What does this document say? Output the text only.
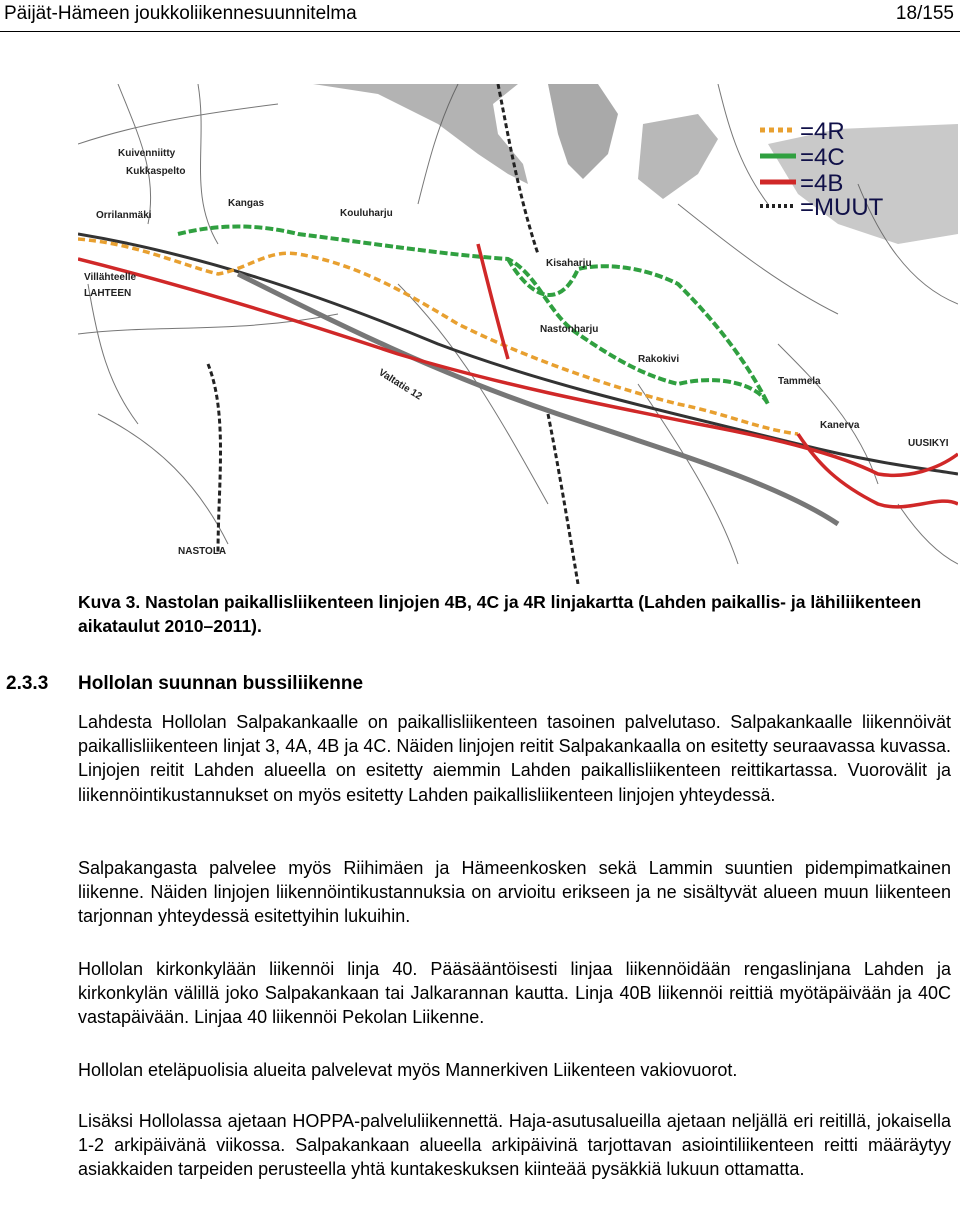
Päijät-Hämeen joukkoliikennesuunnitelma	18/155
Kuivenniitty
Kukkaspelto
Kangas
Orrilanmäki	Kouluharju
Villähteelle
LAHTEEN
Kisaharju
Nastonharju
Rakokivi
Tammela
Kanerva
UUSIKYI
NASTOLA
Valtatie 12
=4R
=4C
=4B
=MUUT
Kuva 3. Nastolan paikallisliikenteen linjojen 4B, 4C ja 4R linjakartta (Lahden paikallis- ja lähiliikenteen aikataulut 2010–2011).
2.3.3 Hollolan suunnan bussiliikenne
Lahdesta Hollolan Salpakankaalle on paikallisliikenteen tasoinen palvelutaso. Salpakankaalle liikennöivät paikallisliikenteen linjat 3, 4A, 4B ja 4C. Näiden linjojen reitit Salpakankaalla on esitetty seuraavassa kuvassa. Linjojen reitit Lahden alueella on esitetty aiemmin Lahden paikallisliikenteen reittikartassa. Vuorovälit ja liikennöintikustannukset on myös esitetty Lahden paikallisliikenteen linjojen yhteydessä.
Salpakangasta palvelee myös Riihimäen ja Hämeenkosken sekä Lammin suuntien pidempimatkainen liikenne. Näiden linjojen liikennöintikustannuksia on arvioitu erikseen ja ne sisältyvät alueen muun liikenteen tarjonnan yhteydessä esitettyihin lukuihin.
Hollolan kirkonkylään liikennöi linja 40. Pääsääntöisesti linjaa liikennöidään rengaslinjana Lahden ja kirkonkylän välillä joko Salpakankaan tai Jalkarannan kautta. Linja 40B liikennöi reittiä myötäpäivään ja 40C vastapäivään. Linjaa 40 liikennöi Pekolan Liikenne.
Hollolan eteläpuolisia alueita palvelevat myös Mannerkiven Liikenteen vakiovuorot.
Lisäksi Hollolassa ajetaan HOPPA-palveluliikennettä. Haja-asutusalueilla ajetaan neljällä eri reitillä, jokaisella 1-2 arkipäivänä viikossa. Salpakankaan alueella arkipäivinä tarjottavan asiointiliikenteen reitti määräytyy asiakkaiden tarpeiden perusteella yhtä kuntakeskuksen kiinteää pysäkkiä lukuun ottamatta.
